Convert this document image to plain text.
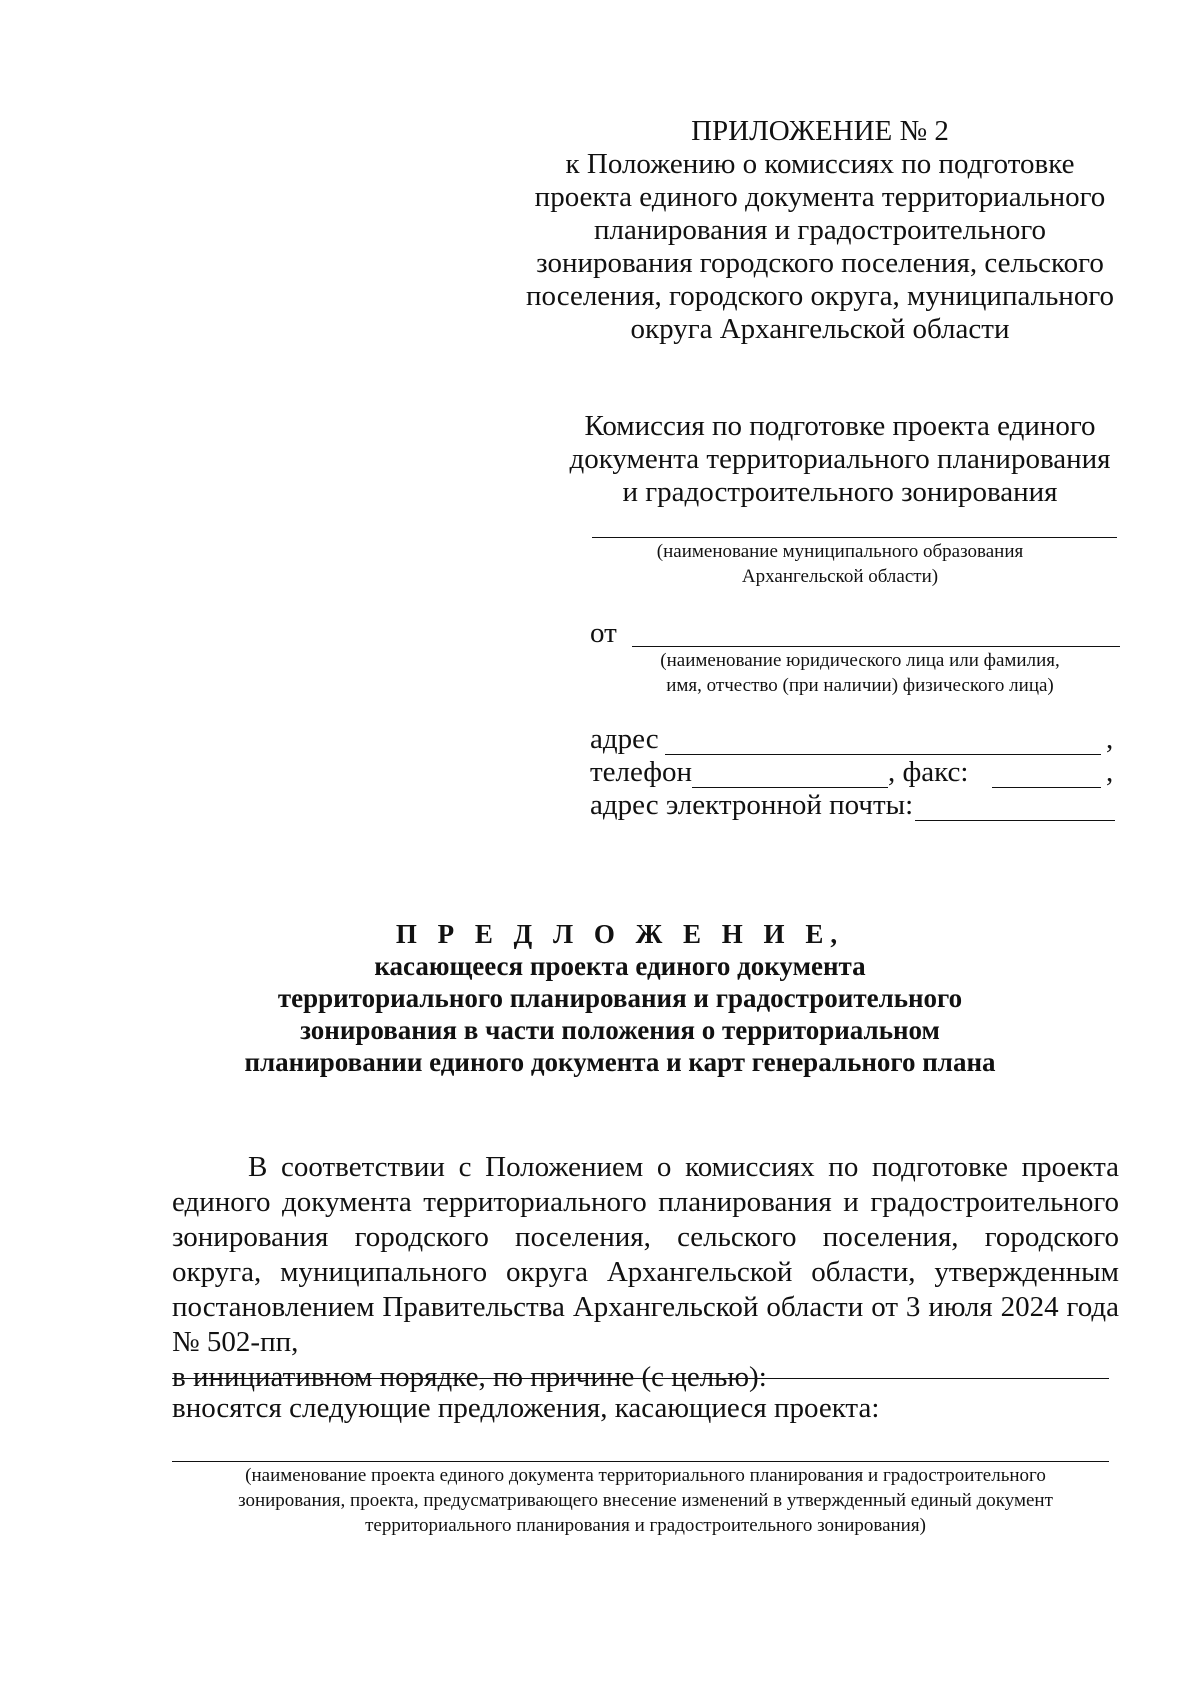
ПРИЛОЖЕНИЕ № 2
к Положению о комиссиях по подготовке
проекта единого документа территориального
планирования и градостроительного
зонирования городского поселения, сельского
поселения, городского округа, муниципального
округа Архангельской области
Комиссия по подготовке проекта единого
документа территориального планирования
и градостроительного зонирования
(наименование муниципального образования
Архангельской области)
от
(наименование юридического лица или фамилия,
имя, отчество (при наличии) физического лица)
адрес	,
телефон	, факс:	,
адрес электронной почты:
П Р Е Д Л О Ж Е Н И Е,
касающееся проекта единого документа
территориального планирования и градостроительного
зонирования в части положения о территориальном
планировании единого документа и карт генерального плана

В соответствии с Положением о комиссиях по подготовке проекта единого документа территориального планирования и градостроительного зонирования городского поселения, сельского поселения, городского округа, муниципального округа Архангельской области, утвержденным постановлением Правительства Архангельской области от 3 июля 2024 года № 502-пп,

в инициативном порядке, по причине (с целью):

вносятся следующие предложения, касающиеся проекта:
(наименование проекта единого документа территориального планирования и градостроительного
зонирования, проекта, предусматривающего внесение изменений в утвержденный единый документ
территориального планирования и градостроительного зонирования)
